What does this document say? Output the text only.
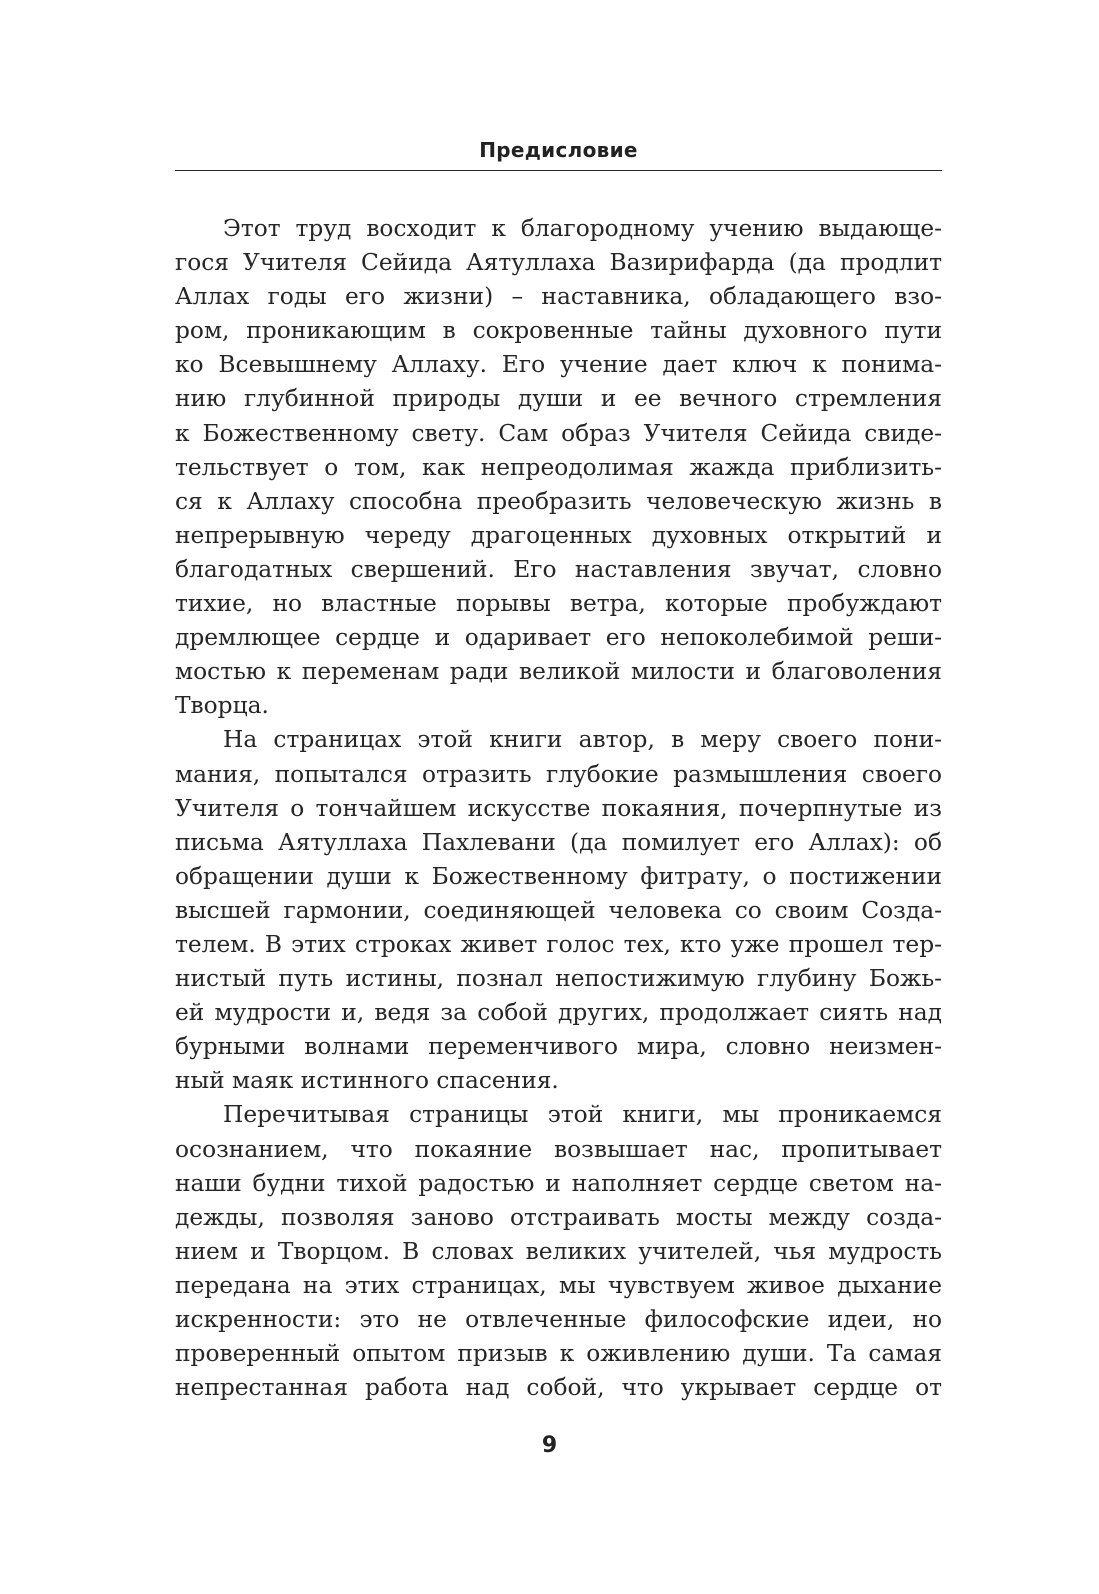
Предисловие
Этот труд восходит к благородному учению выдающе-
гося Учителя Сейида Аятуллаха Вазирифарда (да продлит
Аллах годы его жизни) – наставника, обладающего взо-
ром, проникающим в сокровенные тайны духовного пути
ко Всевышнему Аллаху. Его учение дает ключ к понима-
нию глубинной природы души и ее вечного стремления
к Божественному свету. Сам образ Учителя Сейида свиде-
тельствует о том, как непреодолимая жажда приблизить-
ся к Аллаху способна преобразить человеческую жизнь в
непрерывную череду драгоценных духовных открытий и
благодатных свершений. Его наставления звучат, словно
тихие, но властные порывы ветра, которые пробуждают
дремлющее сердце и одаривает его непоколебимой реши-
мостью к переменам ради великой милости и благоволения
Творца.
На страницах этой книги автор, в меру своего пони-
мания, попытался отразить глубокие размышления своего
Учителя о тончайшем искусстве покаяния, почерпнутые из
письма Аятуллаха Пахлевани (да помилует его Аллах): об
обращении души к Божественному фитрату, о постижении
высшей гармонии, соединяющей человека со своим Созда-
телем. В этих строках живет голос тех, кто уже прошел тер-
нистый путь истины, познал непостижимую глубину Божь-
ей мудрости и, ведя за собой других, продолжает сиять над
бурными волнами переменчивого мира, словно неизмен-
ный маяк истинного спасения.
Перечитывая страницы этой книги, мы проникаемся
осознанием, что покаяние возвышает нас, пропитывает
наши будни тихой радостью и наполняет сердце светом на-
дежды, позволяя заново отстраивать мосты между созда-
нием и Творцом. В словах великих учителей, чья мудрость
передана на этих страницах, мы чувствуем живое дыхание
искренности: это не отвлеченные философские идеи, но
проверенный опытом призыв к оживлению души. Та самая
непрестанная работа над собой, что укрывает сердце от
9
